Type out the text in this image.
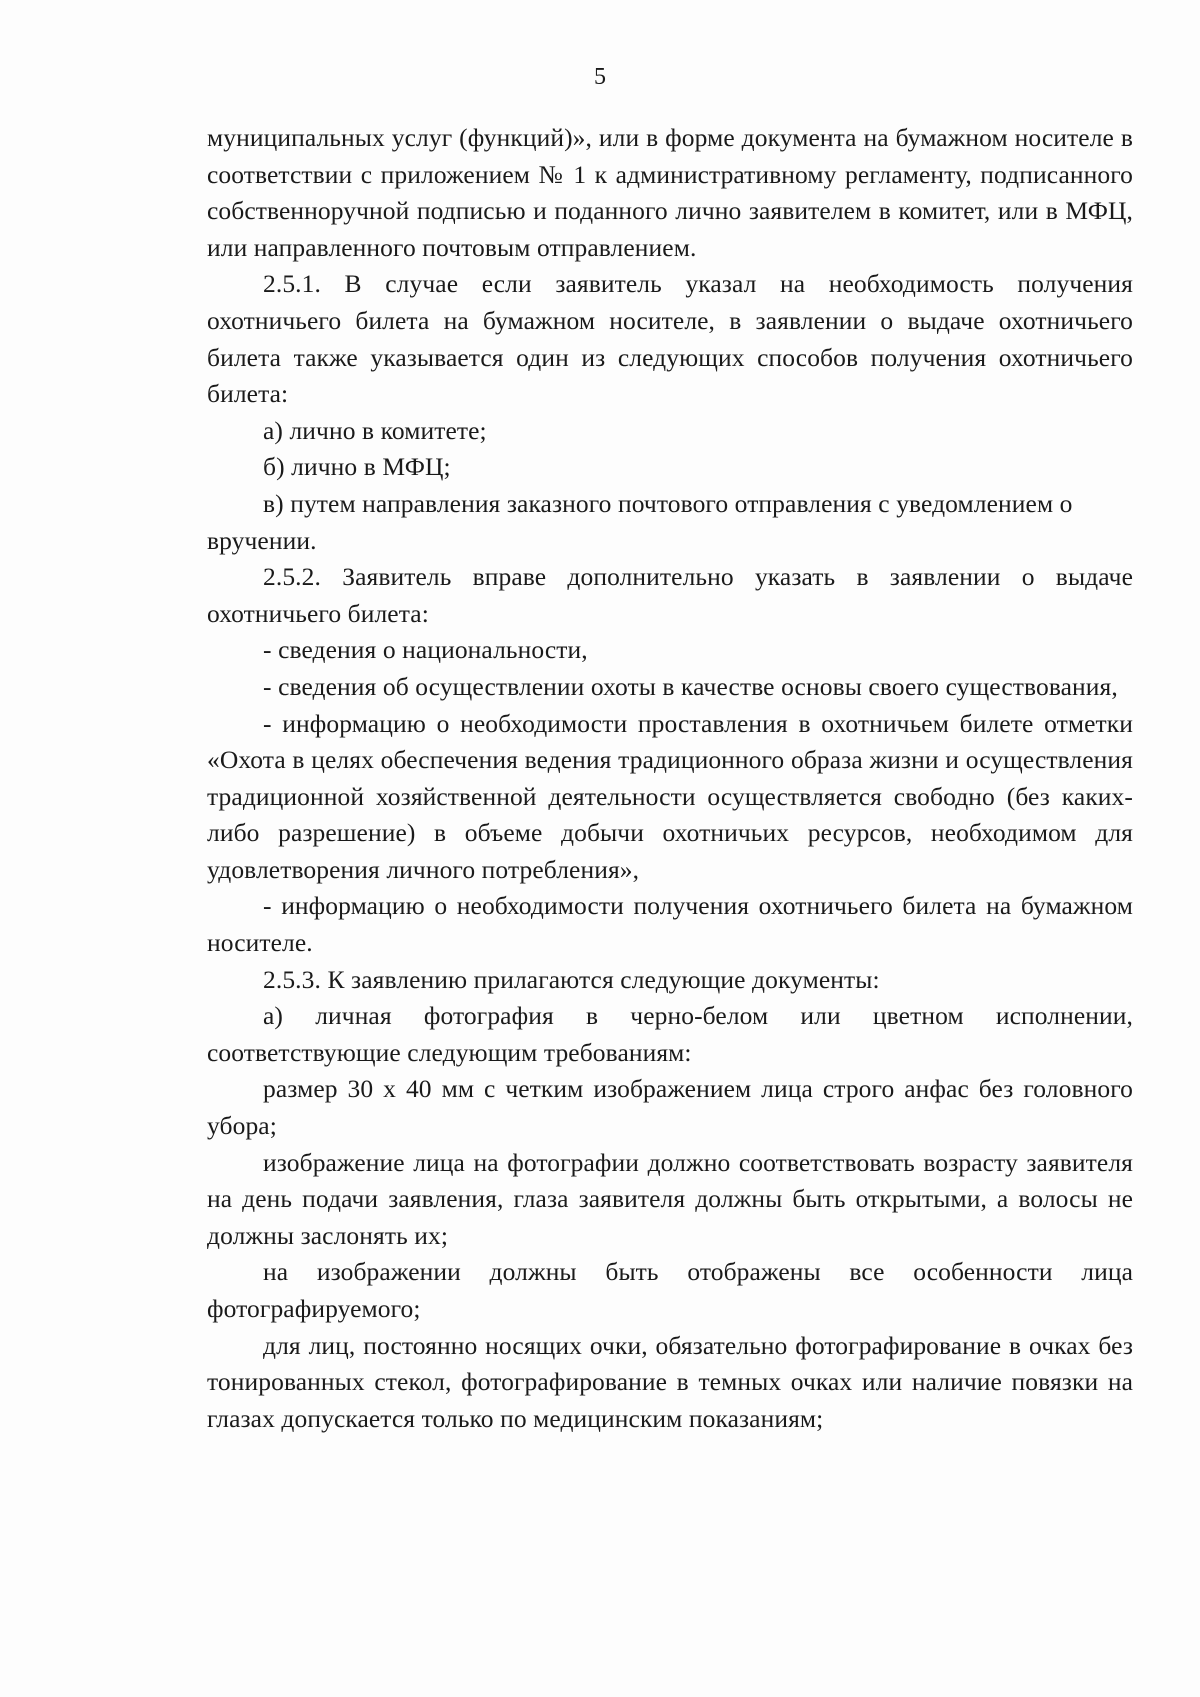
5

муниципальных услуг (функций)», или в форме документа на бумажном носителе в соответствии с приложением № 1 к административному регламенту, подписанного собственноручной подписью и поданного лично заявителем в комитет, или в МФЦ, или направленного почтовым отправлением.

2.5.1. В случае если заявитель указал на необходимость получения охотничьего билета на бумажном носителе, в заявлении о выдаче охотничьего билета также указывается один из следующих способов получения охотничьего билета:

а) лично в комитете;

б) лично в МФЦ;

в) путем направления заказного почтового отправления с уведомлением о вручении.

2.5.2. Заявитель вправе дополнительно указать в заявлении о выдаче охотничьего билета:

- сведения о национальности,

- сведения об осуществлении охоты в качестве основы своего существования,

- информацию о необходимости проставления в охотничьем билете отметки «Охота в целях обеспечения ведения традиционного образа жизни и осуществления традиционной хозяйственной деятельности осуществляется свободно (без каких-либо разрешение) в объеме добычи охотничьих ресурсов, необходимом для удовлетворения личного потребления»,

- информацию о необходимости получения охотничьего билета на бумажном носителе.

2.5.3. К заявлению прилагаются следующие документы:

а) личная фотография в черно-белом или цветном исполнении, соответствующие следующим требованиям:

размер 30 х 40 мм с четким изображением лица строго анфас без головного убора;

изображение лица на фотографии должно соответствовать возрасту заявителя на день подачи заявления, глаза заявителя должны быть открытыми, а волосы не должны заслонять их;

на изображении должны быть отображены все особенности лица фотографируемого;

для лиц, постоянно носящих очки, обязательно фотографирование в очках без тонированных стекол, фотографирование в темных очках или наличие повязки на глазах допускается только по медицинским показаниям;
